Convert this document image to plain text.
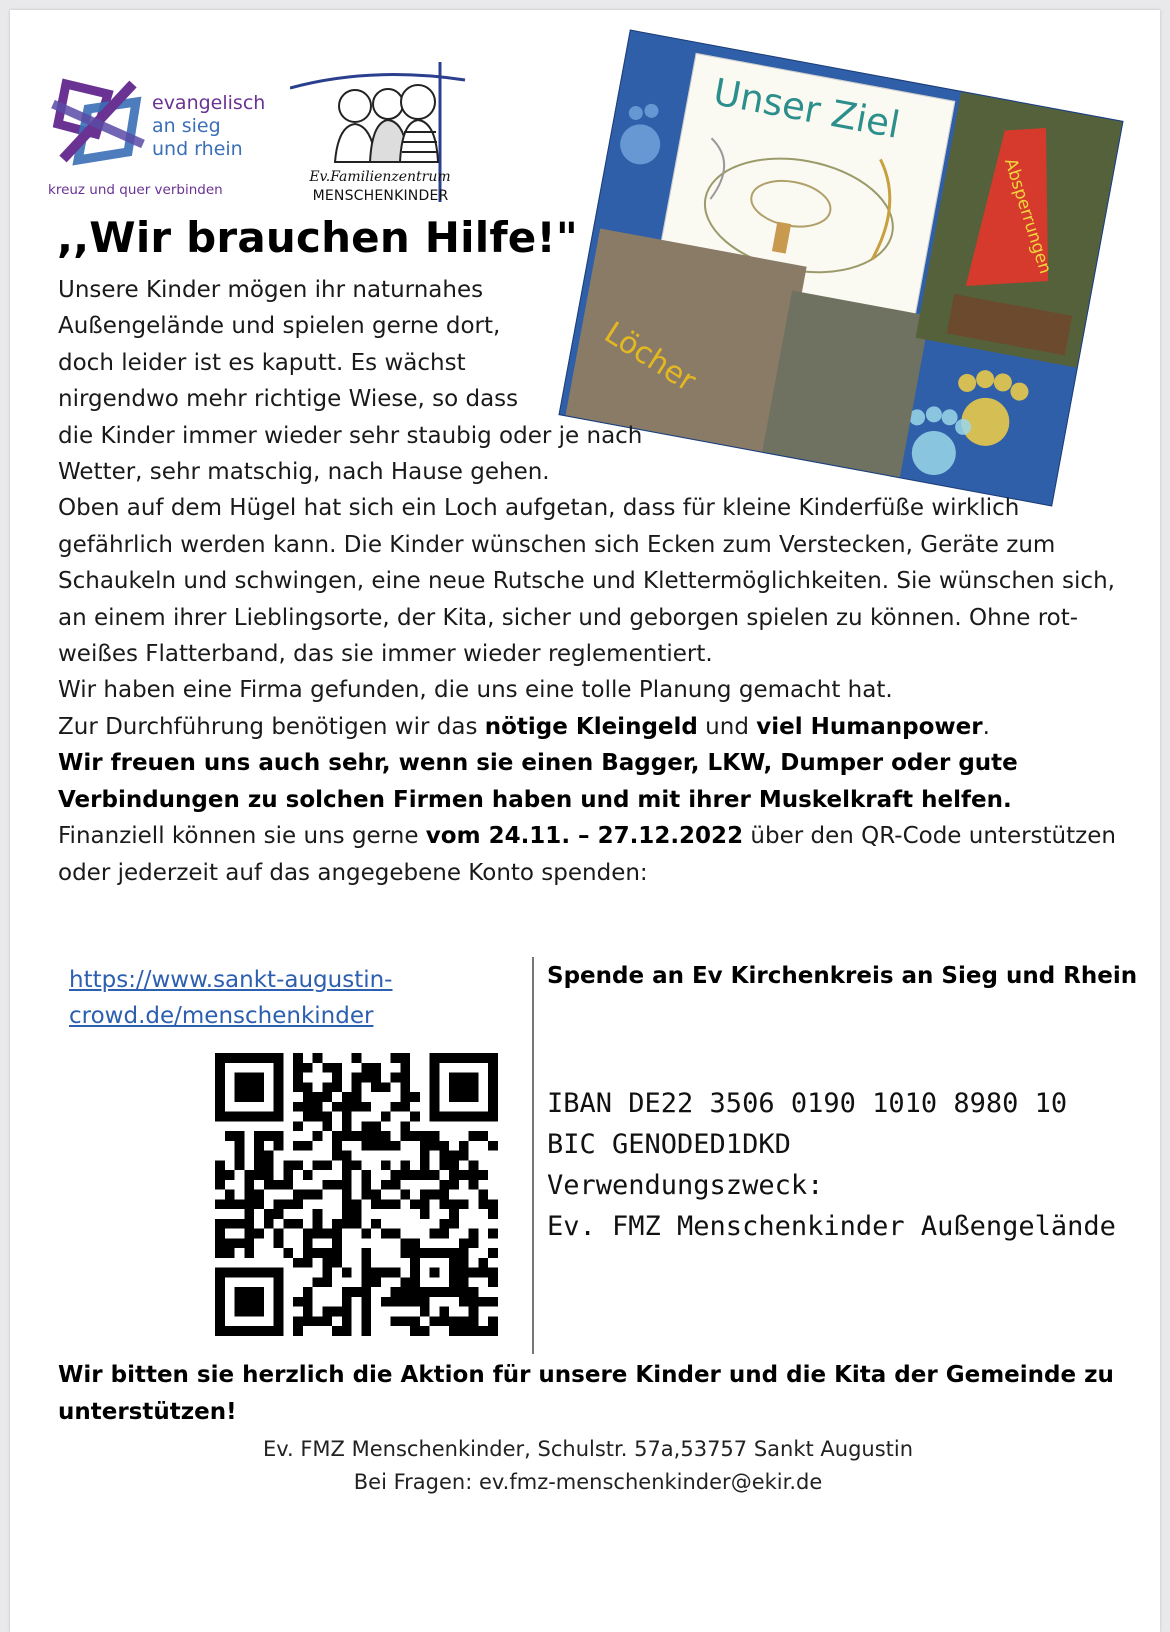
evangelisch
an sieg
und rhein
kreuz und quer verbinden
Ev.Familienzentrum
MENSCHENKINDER
Unser Ziel
Löcher
Absperrungen
,,Wir brauchen Hilfe!"

Unsere Kinder mögen ihr naturnahes Außengelände und spielen gerne dort, doch leider ist es kaputt. Es wächst nirgendwo mehr richtige Wiese, so dass

die Kinder immer wieder sehr staubig oder je nach Wetter, sehr matschig, nach Hause gehen.

Oben auf dem Hügel hat sich ein Loch aufgetan, dass für kleine Kinderfüße wirklich gefährlich werden kann. Die Kinder wünschen sich Ecken zum Verstecken, Geräte zum Schaukeln und schwingen, eine neue Rutsche und Klettermöglichkeiten. Sie wünschen sich, an einem ihrer Lieblingsorte, der Kita, sicher und geborgen spielen zu können. Ohne rot-weißes Flatterband, das sie immer wieder reglementiert.

Wir haben eine Firma gefunden, die uns eine tolle Planung gemacht hat.

Zur Durchführung benötigen wir das nötige Kleingeld und viel Humanpower.

Wir freuen uns auch sehr, wenn sie einen Bagger, LKW, Dumper oder gute Verbindungen zu solchen Firmen haben und mit ihrer Muskelkraft helfen. Finanziell können sie uns gerne vom 24.11. – 27.12.2022 über den QR-Code unterstützen oder jederzeit auf das angegebene Konto spenden:

https://www.sankt-augustin-crowd.de/menschenkinder
Spende an Ev Kirchenkreis an Sieg und Rhein
IBAN DE22 3506 0190 1010 8980 10
BIC GENODED1DKD
Verwendungszweck:
Ev. FMZ Menschenkinder Außengelände
Wir bitten sie herzlich die Aktion für unsere Kinder und die Kita der Gemeinde zu unterstützen!
Ev. FMZ Menschenkinder, Schulstr. 57a,53757 Sankt Augustin
Bei Fragen: ev.fmz-menschenkinder@ekir.de
